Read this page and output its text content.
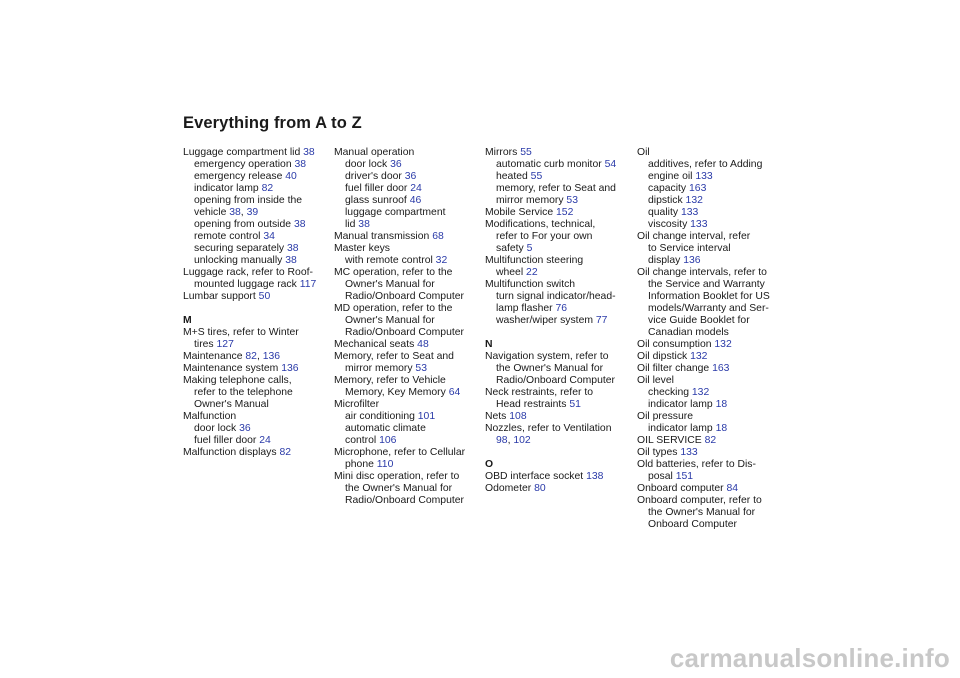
Everything from A to Z
Luggage compartment lid 38
emergency operation 38
emergency release 40
indicator lamp 82
opening from inside the
vehicle 38, 39
opening from outside 38
remote control 34
securing separately 38
unlocking manually 38
Luggage rack, refer to Roof-
mounted luggage rack 117
Lumbar support 50
M
M+S tires, refer to Winter
tires 127
Maintenance 82, 136
Maintenance system 136
Making telephone calls,
refer to the telephone
Owner's Manual
Malfunction
door lock 36
fuel filler door 24
Malfunction displays 82
Manual operation
door lock 36
driver's door 36
fuel filler door 24
glass sunroof 46
luggage compartment
lid 38
Manual transmission 68
Master keys
with remote control 32
MC operation, refer to the
Owner's Manual for
Radio/Onboard Computer
MD operation, refer to the
Owner's Manual for
Radio/Onboard Computer
Mechanical seats 48
Memory, refer to Seat and
mirror memory 53
Memory, refer to Vehicle
Memory, Key Memory 64
Microfilter
air conditioning 101
automatic climate
control 106
Microphone, refer to Cellular
phone 110
Mini disc operation, refer to
the Owner's Manual for
Radio/Onboard Computer
Mirrors 55
automatic curb monitor 54
heated 55
memory, refer to Seat and
mirror memory 53
Mobile Service 152
Modifications, technical,
refer to For your own
safety 5
Multifunction steering
wheel 22
Multifunction switch
turn signal indicator/head-
lamp flasher 76
washer/wiper system 77
N
Navigation system, refer to
the Owner's Manual for
Radio/Onboard Computer
Neck restraints, refer to
Head restraints 51
Nets 108
Nozzles, refer to Ventilation
98, 102
O
OBD interface socket 138
Odometer 80
Oil
additives, refer to Adding
engine oil 133
capacity 163
dipstick 132
quality 133
viscosity 133
Oil change interval, refer
to Service interval
display 136
Oil change intervals, refer to
the Service and Warranty
Information Booklet for US
models/Warranty and Ser-
vice Guide Booklet for
Canadian models
Oil consumption 132
Oil dipstick 132
Oil filter change 163
Oil level
checking 132
indicator lamp 18
Oil pressure
indicator lamp 18
OIL SERVICE 82
Oil types 133
Old batteries, refer to Dis-
posal 151
Onboard computer 84
Onboard computer, refer to
the Owner's Manual for
Onboard Computer
carmanualsonline.info
